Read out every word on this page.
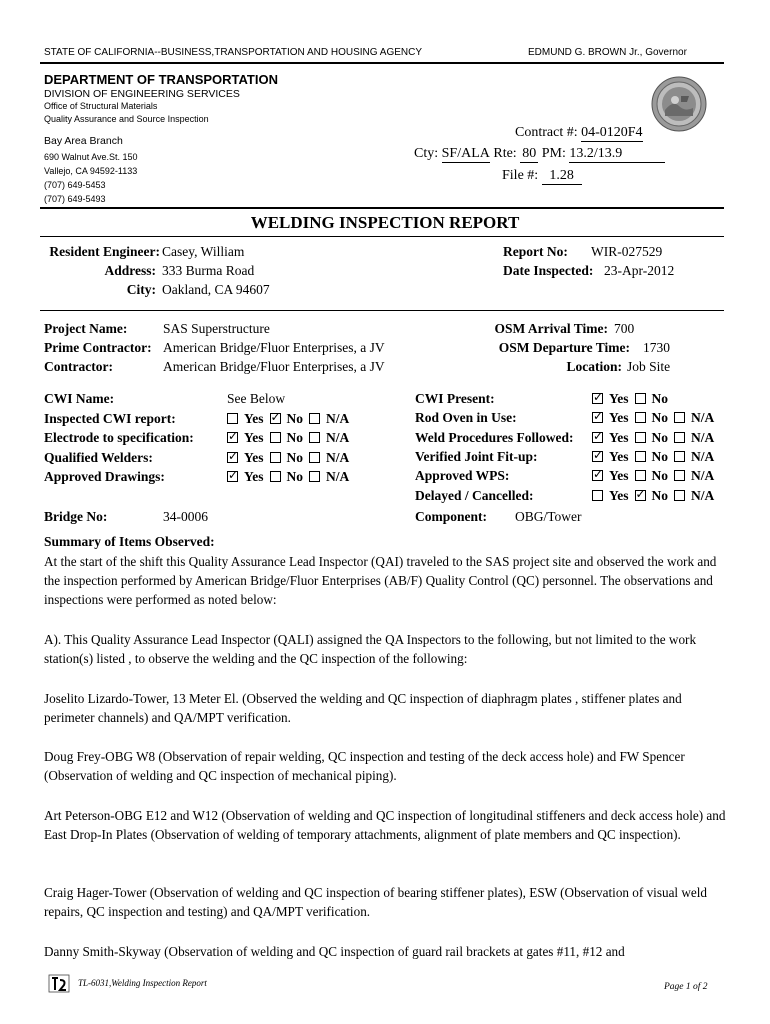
STATE OF CALIFORNIA--BUSINESS,TRANSPORTATION AND HOUSING AGENCY	EDMUND G. BROWN Jr., Governor
DEPARTMENT OF TRANSPORTATION
DIVISION OF ENGINEERING SERVICES
Office of Structural Materials
Quality Assurance and Source Inspection
Bay Area Branch
690 Walnut Ave.St. 150
Vallejo, CA 94592-1133
(707) 649-5453
(707) 649-5493
Contract #: 04-0120F4
Cty: SF/ALA Rte: 80 PM: 13.2/13.9
File #: 1.28
WELDING INSPECTION REPORT
Resident Engineer: Casey, William
Address: 333 Burma Road
City: Oakland, CA 94607
Report No: WIR-027529
Date Inspected: 23-Apr-2012
Project Name:	SAS Superstructure
Prime Contractor: American Bridge/Fluor Enterprises, a JV
Contractor:	American Bridge/Fluor Enterprises, a JV
OSM Arrival Time: 700
OSM Departure Time: 1730
Location: Job Site
CWI Name:	See Below
Inspected CWI report:	Yes ✓ No N/A
Electrode to specification: ✓	Yes No N/A
Qualified Welders: ✓	Yes No N/A
Approved Drawings: ✓	Yes No N/A
CWI Present: ✓	Yes No
Rod Oven in Use: ✓	Yes No N/A
Weld Procedures Followed: ✓	Yes No N/A
Verified Joint Fit-up: ✓	Yes No N/A
Approved WPS: ✓	Yes No N/A
Delayed / Cancelled:	Yes ✓ No N/A
Bridge No:	34-0006	Component: OBG/Tower
Summary of Items Observed:
At the start of the shift this Quality Assurance Lead Inspector (QAI) traveled to the SAS project site and observed the work and the inspection performed by American Bridge/Fluor Enterprises (AB/F) Quality Control (QC) personnel. The observations and inspections were performed as noted below:
A). This Quality Assurance Lead Inspector (QALI) assigned the QA Inspectors to the following, but not limited to the work station(s) listed , to observe the welding and the QC inspection of the following:
Joselito Lizardo-Tower, 13 Meter El. (Observed the welding and QC inspection of diaphragm plates , stiffener plates and perimeter channels) and QA/MPT verification.
Doug Frey-OBG W8 (Observation of repair welding, QC inspection and testing of the deck access hole) and FW Spencer (Observation of welding and QC inspection of mechanical piping).
Art Peterson-OBG E12 and W12 (Observation of welding and QC inspection of longitudinal stiffeners and deck access hole) and East Drop-In Plates (Observation of welding of temporary attachments, alignment of plate members and QC inspection).
Craig Hager-Tower (Observation of welding and QC inspection of bearing stiffener plates), ESW (Observation of visual weld repairs, QC inspection and testing) and QA/MPT verification.
Danny Smith-Skyway (Observation of welding and QC inspection of guard rail brackets at gates #11, #12 and
TL-6031,Welding Inspection Report	Page 1 of 2
